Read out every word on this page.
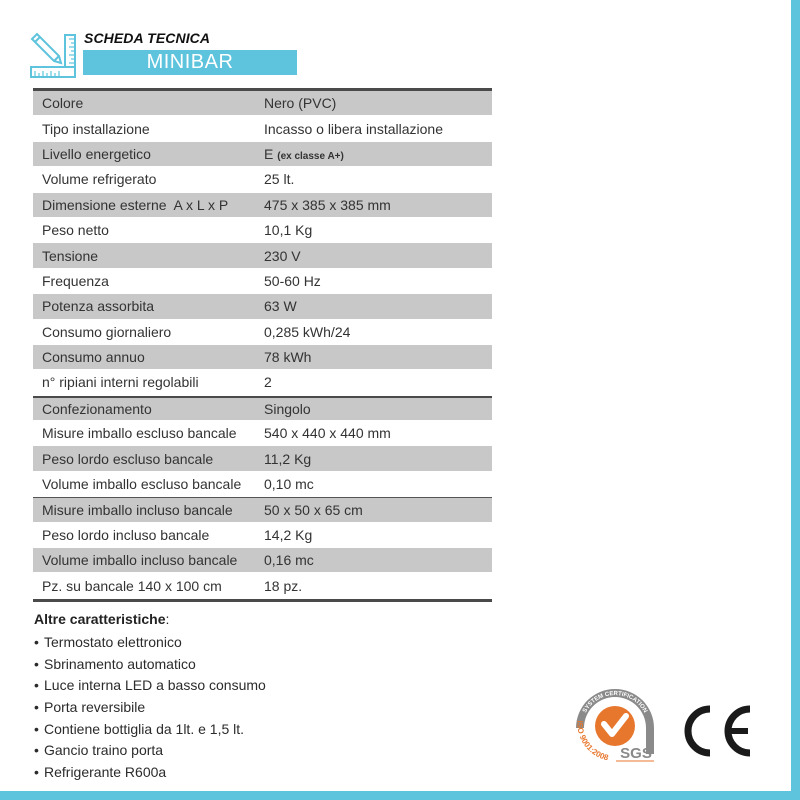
SCHEDA TECNICA
MINIBAR
Colore	Nero (PVC)
Tipo installazione	Incasso o libera installazione
Livello energetico	E (ex classe A+)
Volume refrigerato	25 lt.
Dimensione esterne  A x L x P	475 x 385 x 385 mm
Peso netto	10,1 Kg
Tensione	230 V
Frequenza	50-60 Hz
Potenza assorbita	63 W
Consumo giornaliero	0,285 kWh/24
Consumo annuo	78 kWh
n° ripiani interni regolabili	2
Confezionamento	Singolo
Misure imballo escluso bancale	540 x 440 x 440 mm
Peso lordo escluso bancale	11,2 Kg
Volume imballo escluso bancale	0,10 mc
Misure imballo incluso bancale	50 x 50 x 65 cm
Peso lordo incluso bancale	14,2 Kg
Volume imballo incluso bancale	0,16 mc
Pz. su bancale 140 x 100 cm	18 pz.
Altre caratteristiche:
• Termostato elettronico
• Sbrinamento automatico
• Luce interna LED a basso consumo
• Porta reversibile
• Contiene bottiglia da 1lt. e 1,5 lt.
• Gancio traino porta
• Refrigerante R600a
SYSTEM CERTIFICATION
ISO 9001:2008 SGS
